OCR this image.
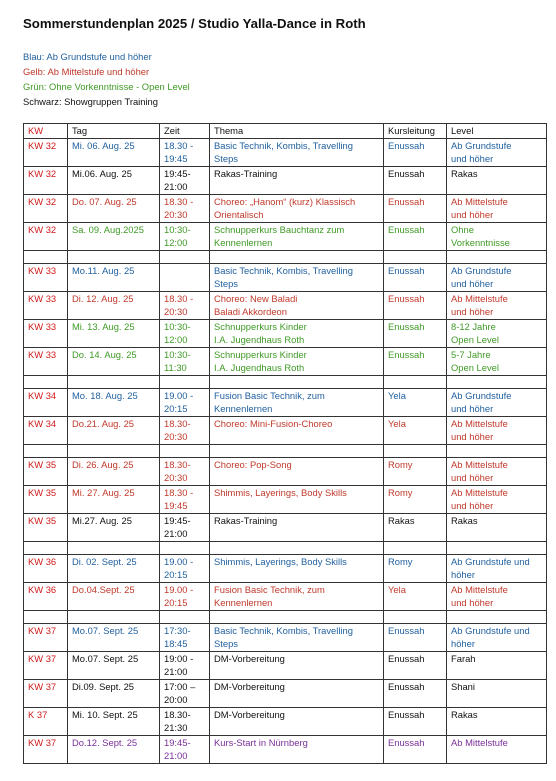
Sommerstundenplan 2025 / Studio Yalla-Dance in Roth
Blau: Ab Grundstufe und höher
Gelb: Ab Mittelstufe und höher
Grün: Ohne Vorkenntnisse - Open Level
Schwarz: Showgruppen Training
KW	Tag	Zeit	Thema	Kursleitung	Level
KW 32	Mi. 06. Aug. 25	18.30 -
19:45	Basic Technik, Kombis, Travelling
Steps	Enussah	Ab Grundstufe
und höher
KW 32	Mi.06. Aug. 25	19:45-
21:00	Rakas-Training	Enussah	Rakas
KW 32	Do. 07. Aug. 25	18.30 -
20:30	Choreo: „Hanom“ (kurz) Klassisch
Orientalisch	Enussah	Ab Mittelstufe
und höher
KW 32	Sa. 09. Aug.2025	10:30-
12:00	Schnupperkurs Bauchtanz zum
Kennenlernen	Enussah	Ohne
Vorkenntnisse

KW 33	Mo.11. Aug. 25		Basic Technik, Kombis, Travelling
Steps	Enussah	Ab Grundstufe
und höher
KW 33	Di. 12. Aug. 25	18.30 -
20:30	Choreo: New Baladi
Baladi Akkordeon	Enussah	Ab Mittelstufe
und höher
KW 33	Mi. 13. Aug. 25	10:30-
12:00	Schnupperkurs Kinder
I.A. Jugendhaus Roth	Enussah	8-12 Jahre
Open Level
KW 33	Do. 14. Aug. 25	10:30-
11:30	Schnupperkurs Kinder
I.A. Jugendhaus Roth	Enussah	5-7 Jahre
Open Level

KW 34	Mo. 18. Aug. 25	19.00 -
20:15	Fusion Basic Technik, zum
Kennenlernen	Yela	Ab Grundstufe
und höher
KW 34	Do.21. Aug. 25	18.30-
20:30	Choreo: Mini-Fusion-Choreo	Yela	Ab Mittelstufe
und höher

KW 35	Di. 26. Aug. 25	18.30-
20:30	Choreo: Pop-Song	Romy	Ab Mittelstufe
und höher
KW 35	Mi. 27. Aug. 25	18.30 -
19:45	Shimmis, Layerings, Body Skills	Romy	Ab Mittelstufe
und höher
KW 35	Mi.27. Aug. 25	19:45-
21:00	Rakas-Training	Rakas	Rakas

KW 36	Di. 02. Sept. 25	19.00 -
20:15	Shimmis, Layerings, Body Skills	Romy	Ab Grundstufe und
höher
KW 36	Do.04.Sept. 25	19.00 -
20:15	Fusion Basic Technik, zum
Kennenlernen	Yela	Ab Mittelstufe
und höher

KW 37	Mo.07. Sept. 25	17:30-
18:45	Basic Technik, Kombis, Travelling
Steps	Enussah	Ab Grundstufe und
höher
KW 37	Mo.07. Sept. 25	19:00 -
21:00	DM-Vorbereitung	Enussah	Farah
KW 37	Di.09. Sept. 25	17:00 –
20:00	DM-Vorbereitung	Enussah	Shani
K 37	Mi. 10. Sept. 25	18.30-
21:30	DM-Vorbereitung	Enussah	Rakas
KW 37	Do.12. Sept. 25	19:45-
21:00	Kurs-Start in Nürnberg	Enussah	Ab Mittelstufe
